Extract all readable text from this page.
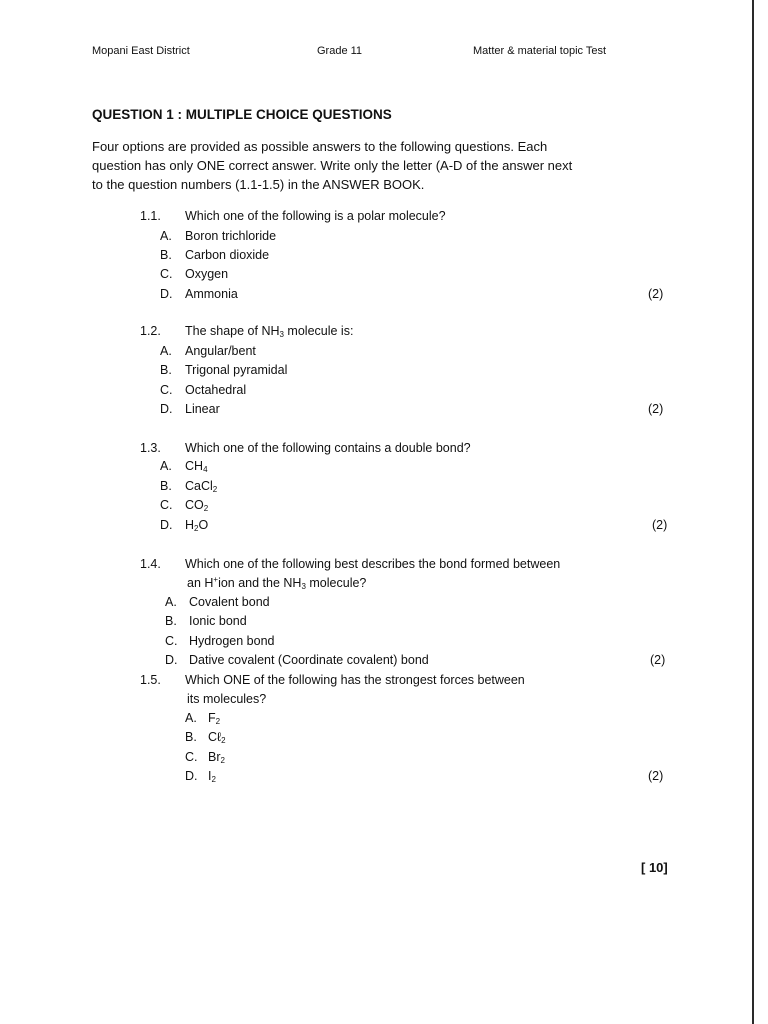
Mopani East District	Grade 11	Matter & material topic Test
QUESTION 1 : MULTIPLE CHOICE QUESTIONS
Four options are provided as possible answers to the following questions. Each
question has only ONE correct answer. Write only the letter (A-D of the answer next
to the question numbers (1.1-1.5) in the ANSWER BOOK.
1.1. Which one of the following is a polar molecule?
A. Boron trichloride
B. Carbon dioxide
C. Oxygen
D. Ammonia	(2)
1.2. The shape of $NH_3$ molecule is:
A. Angular/bent
B. Trigonal pyramidal
C. Octahedral
D. Linear	(2)
1.3. Which one of the following contains a double bond?
A. $CH_4$
B. CaCl$_2$
C. $CO_2$
D. $H_2O$	(2)
1.4. Which one of the following best describes the bond formed between
an H+ion and the $NH_3$ molecule?
A. Covalent bond
B. Ionic bond
C. Hydrogen bond
D. Dative covalent (Coordinate covalent) bond	(2)
1.5. Which ONE of the following has the strongest forces between
its molecules?
A. $F_2$
B. Cℓ$_2$
C. $Br_2$
D. $I_2$	(2)
[ 10]
